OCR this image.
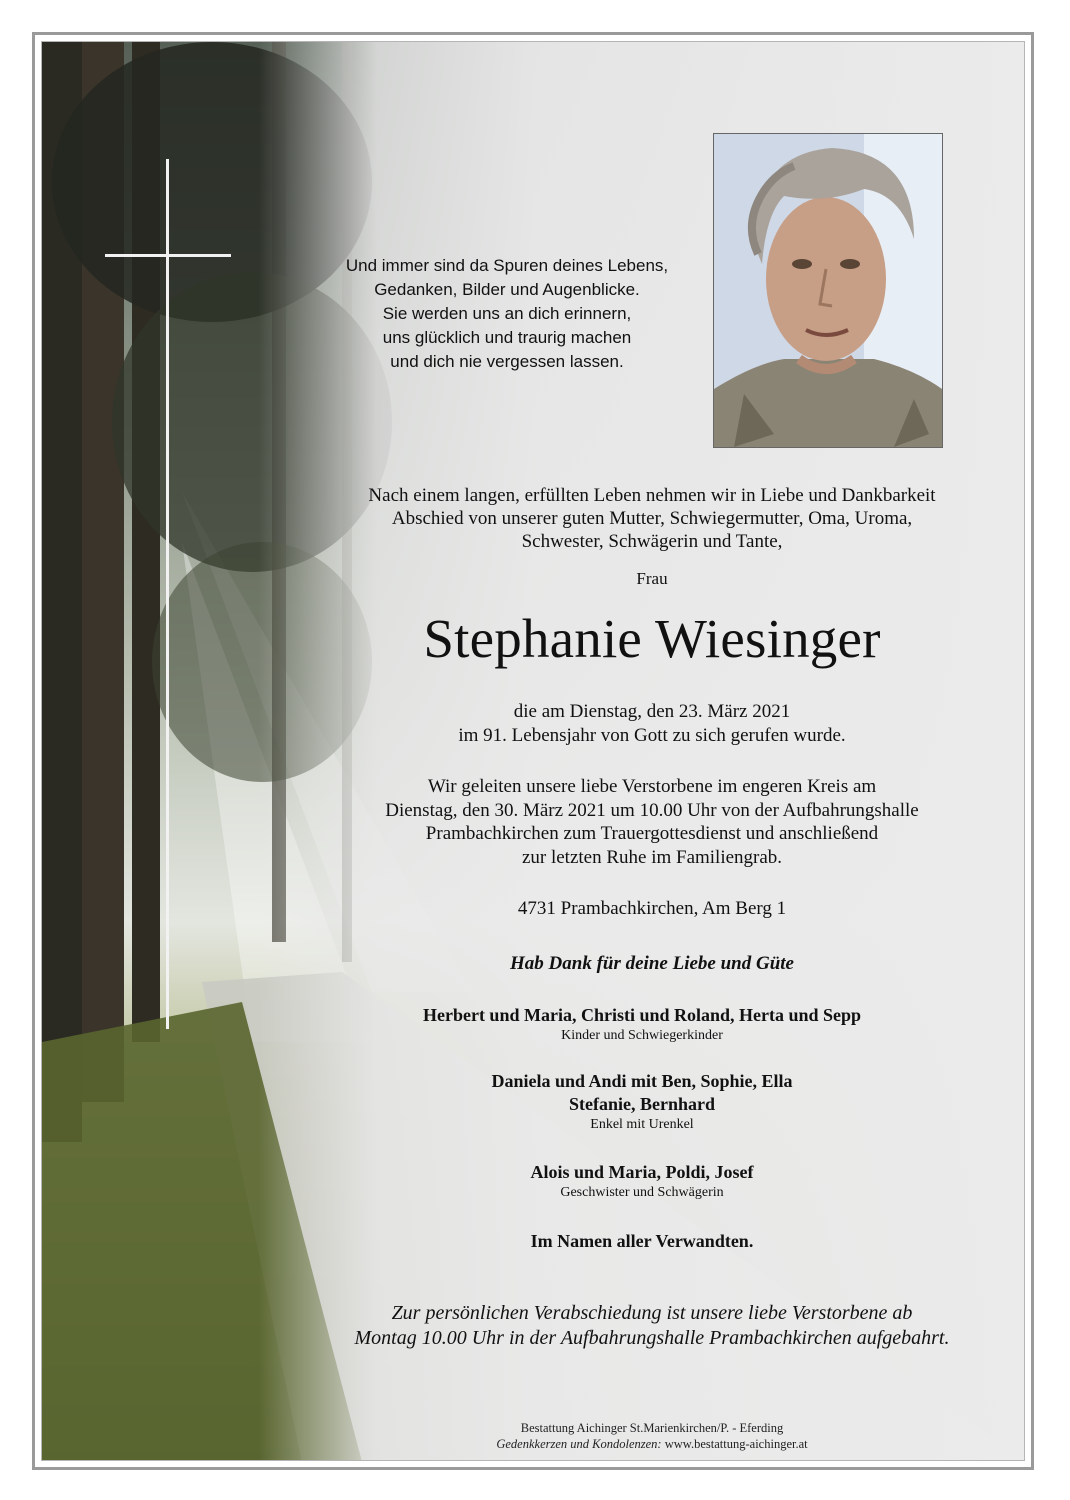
Und immer sind da Spuren deines Lebens,
Gedanken, Bilder und Augenblicke.
Sie werden uns an dich erinnern,
uns glücklich und traurig machen
und dich nie vergessen lassen.
Nach einem langen, erfüllten Leben nehmen wir in Liebe und Dankbarkeit
Abschied von unserer guten Mutter, Schwiegermutter, Oma, Uroma,
Schwester, Schwägerin und Tante,
Frau
Stephanie Wiesinger
die am Dienstag, den 23. März 2021
im 91. Lebensjahr von Gott zu sich gerufen wurde.
Wir geleiten unsere liebe Verstorbene im engeren Kreis am
Dienstag, den 30. März 2021 um 10.00 Uhr von der Aufbahrungshalle
Prambachkirchen zum Trauergottesdienst und anschließend
zur letzten Ruhe im Familiengrab.
4731 Prambachkirchen, Am Berg 1
Hab Dank für deine Liebe und Güte
Herbert und Maria, Christi und Roland, Herta und Sepp
Kinder und Schwiegerkinder
Daniela und Andi mit Ben, Sophie, Ella
Stefanie, Bernhard
Enkel mit Urenkel
Alois und Maria, Poldi, Josef
Geschwister und Schwägerin
Im Namen aller Verwandten.
Zur persönlichen Verabschiedung ist unsere liebe Verstorbene ab
Montag 10.00 Uhr in der Aufbahrungshalle Prambachkirchen aufgebahrt.
Bestattung Aichinger St.Marienkirchen/P. - Eferding
Gedenkkerzen und Kondolenzen: www.bestattung-aichinger.at
